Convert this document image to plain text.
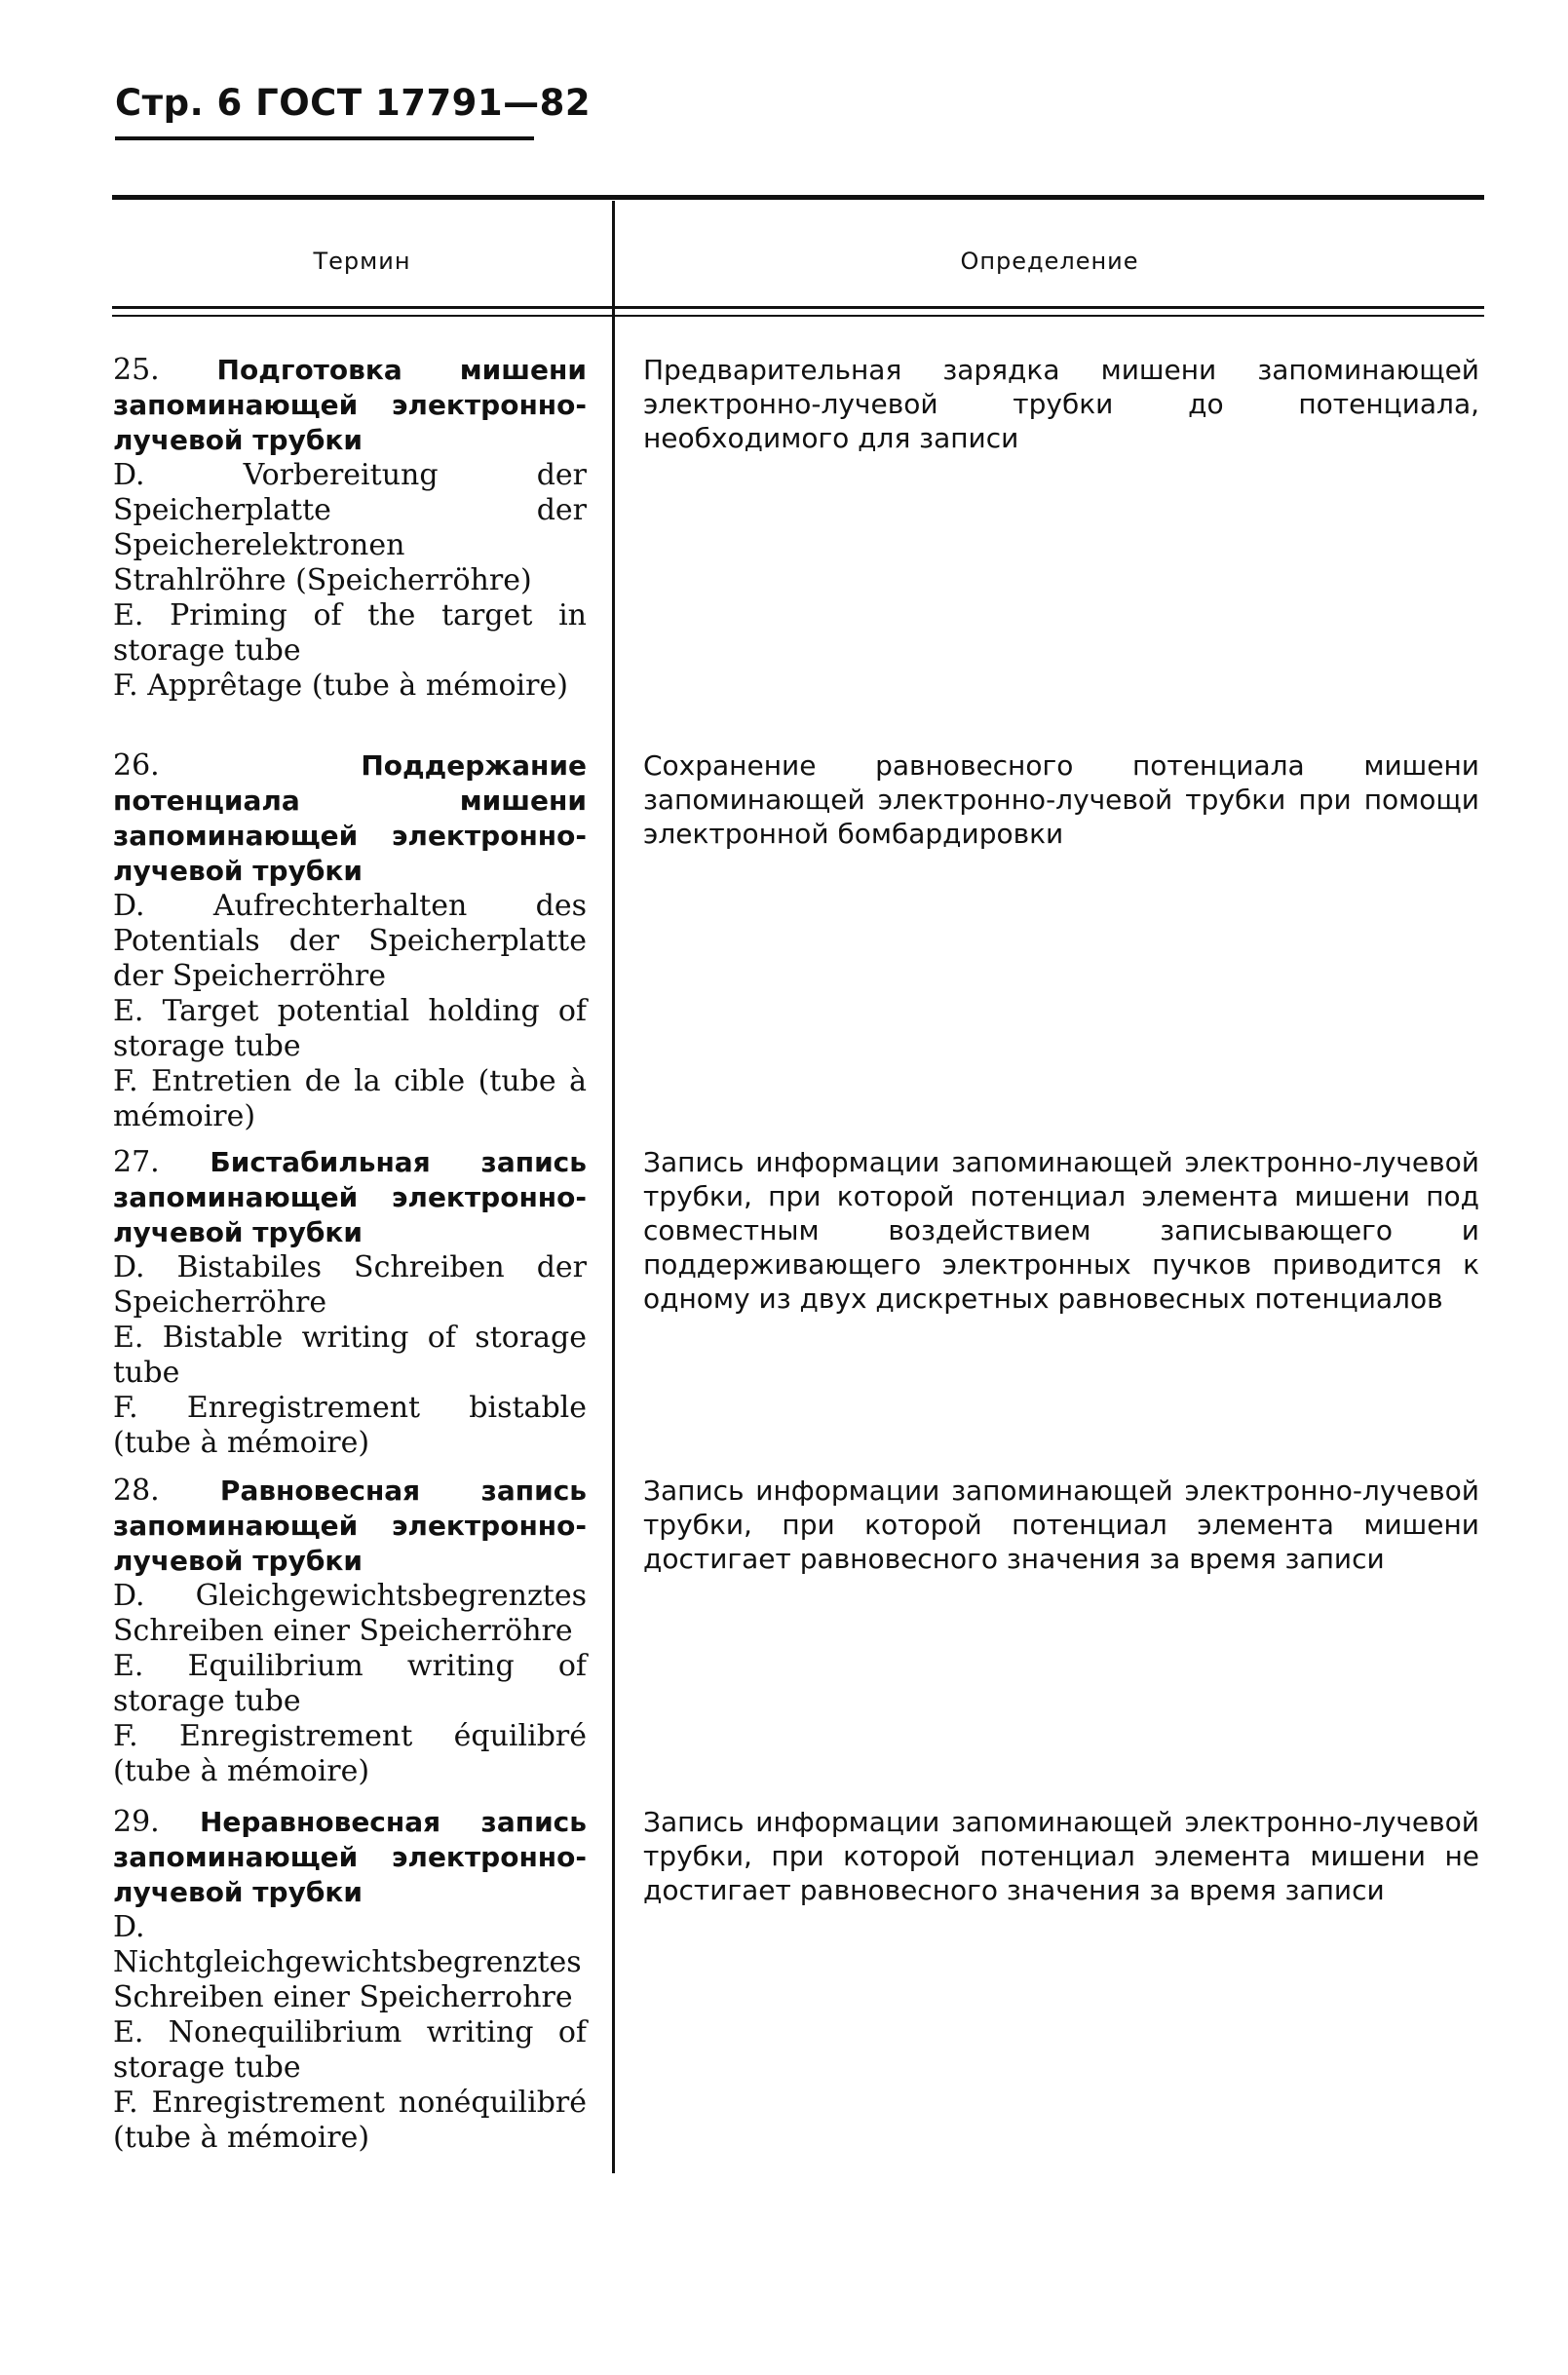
Стр. 6 ГОСТ 17791—82
Термин	Определение
25. Подготовка мишени запоминающей электронно-лучевой трубки
D. Vorbereitung der Speicherplatte der Speicherelektronen Strahlröhre (Speicherröhre)
E. Priming of the target in storage tube
F. Apprêtage (tube à mémoire)
Предварительная зарядка мишени запоминающей электронно-лучевой трубки до потенциала, необходимого для записи
26.	Поддержание потенциала мишени запоминающей электронно-лучевой трубки
D. Aufrechterhalten des Potentials der Speicherplatte der Speicherröhre
E. Target potential holding of storage tube
F. Entretien de la cible (tube à mémoire)
Сохранение равновесного потенциала мишени запоминающей электронно-лучевой трубки при помощи электронной бомбардировки
27. Бистабильная запись запоминающей электронно-лучевой трубки
D. Bistabiles Schreiben der Speicherröhre
E. Bistable writing of storage tube
F. Enregistrement bistable (tube à mémoire)
Запись информации запоминающей электронно-лучевой трубки, при которой потенциал элемента мишени под совместным воздействием записывающего и поддерживающего электронных пучков приводится к одному из двух дискретных равновесных потенциалов
28. Равновесная запись запоминающей электронно-лучевой трубки
D. Gleichgewichtsbegrenztes Schreiben einer Speicherröhre
E. Equilibrium writing of storage tube
F. Enregistrement équilibré (tube à mémoire)
Запись информации запоминающей электронно-лучевой трубки, при которой потенциал элемента мишени достигает равновесного значения за время записи
29. Неравновесная запись запоминающей электронно-лучевой трубки
D. Nichtgleichgewichtsbegrenztes Schreiben einer Speicherrohre
E. Nonequilibrium writing of storage tube
F. Enregistrement nonéquilibré (tube à mémoire)
Запись информации запоминающей электронно-лучевой трубки, при которой потенциал элемента мишени не достигает равновесного значения за время записи
